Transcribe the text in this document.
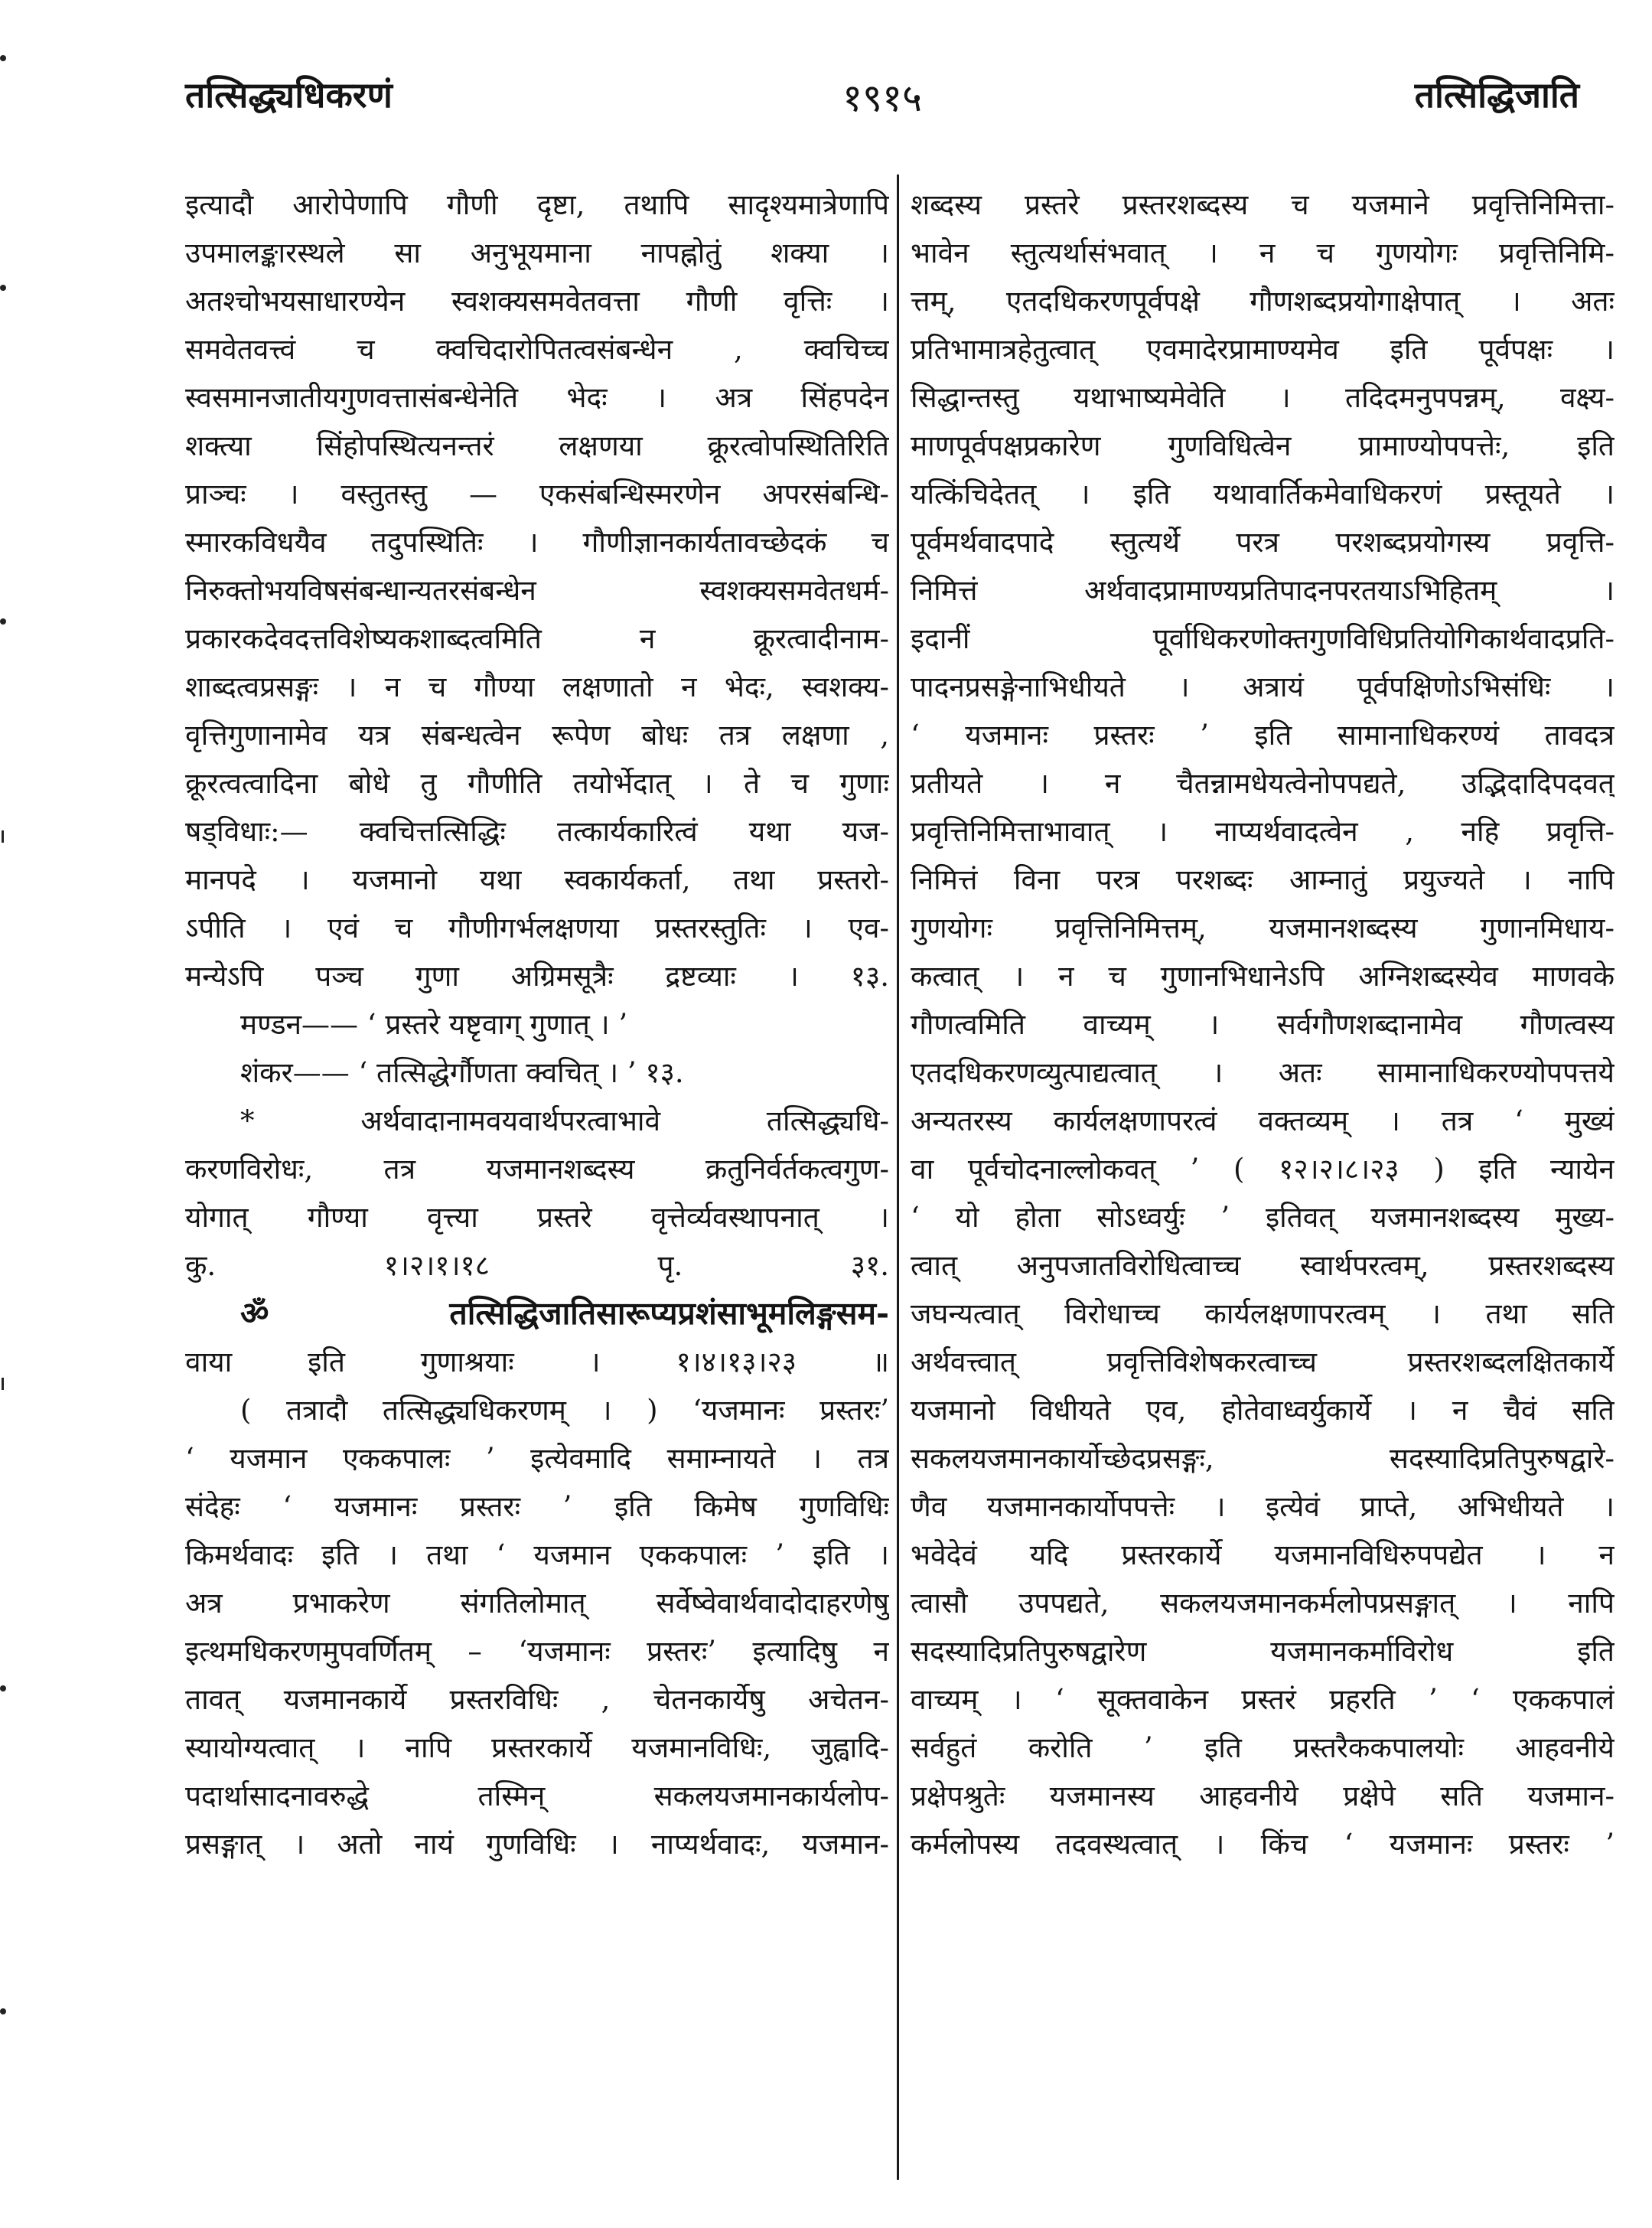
तत्सिद्ध्यधिकरणं	१९१५	तत्सिद्धिजाति
इत्यादौ आरोपेणापि गौणी दृष्टा, तथापि सादृश्यमात्रेणापि
उपमालङ्कारस्थले सा अनुभूयमाना नापह्नोतुं शक्या ।
अतश्चोभयसाधारण्येन स्वशक्यसमवेतवत्ता गौणी वृत्तिः ।
समवेतवत्त्वं च क्वचिदारोपितत्वसंबन्धेन , क्वचिच्च
स्वसमानजातीयगुणवत्तासंबन्धेनेति भेदः । अत्र सिंहपदेन
शक्त्या सिंहोपस्थित्यनन्तरं लक्षणया क्रूरत्वोपस्थितिरिति
प्राञ्चः । वस्तुतस्तु — एकसंबन्धिस्मरणेन अपरसंबन्धि-
स्मारकविधयैव तदुपस्थितिः । गौणीज्ञानकार्यतावच्छेदकं च
निरुक्तोभयविषसंबन्धान्यतरसंबन्धेन स्वशक्यसमवेतधर्म-
प्रकारकदेवदत्तविशेष्यकशाब्दत्वमिति न क्रूरत्वादीनाम-
शाब्दत्वप्रसङ्गः । न च गौण्या लक्षणातो न भेदः, स्वशक्य-
वृत्तिगुणानामेव यत्र संबन्धत्वेन रूपेण बोधः तत्र लक्षणा ,
क्रूरत्वत्वादिना बोधे तु गौणीति तयोर्भेदात् । ते च गुणाः
षड्विधाः:— क्वचित्तत्सिद्धिः तत्कार्यकारित्वं यथा यज-
मानपदे । यजमानो यथा स्वकार्यकर्ता, तथा प्रस्तरो-
ऽपीति । एवं च गौणीगर्भलक्षणया प्रस्तरस्तुतिः । एव-
मन्येऽपि पञ्च गुणा अग्रिमसूत्रैः द्रष्टव्याः । १३.
मण्डन—— ‘ प्रस्तरे यष्टृवाग् गुणात् । ’
शंकर—— ‘ तत्सिद्धेर्गौणता क्वचित् । ’ १३.
* अर्थवादानामवयवार्थपरत्वाभावे तत्सिद्ध्यधि-
करणविरोधः, तत्र यजमानशब्दस्य क्रतुनिर्वर्तकत्वगुण-
योगात् गौण्या वृत्त्या प्रस्तरे वृत्तेर्व्यवस्थापनात् ।
कु. १।२।१।१८ पृ. ३१.
ॐ तत्सिद्धिजातिसारूप्यप्रशंसाभूमलिङ्गसम-
वाया इति गुणाश्रयाः । १।४।१३।२३ ॥
( तत्रादौ तत्सिद्ध्यधिकरणम् । ) ‘यजमानः प्रस्तरः’
‘ यजमान एककपालः ’ इत्येवमादि समाम्नायते । तत्र
संदेहः ‘ यजमानः प्रस्तरः ’ इति किमेष गुणविधिः
किमर्थवादः इति । तथा ‘ यजमान एककपालः ’ इति ।
अत्र प्रभाकरेण संगतिलोमात् सर्वेष्वेवार्थवादोदाहरणेषु
इत्थमधिकरणमुपवर्णितम् – ‘यजमानः प्रस्तरः’ इत्यादिषु न
तावत् यजमानकार्ये प्रस्तरविधिः , चेतनकार्येषु अचेतन-
स्यायोग्यत्वात् । नापि प्रस्तरकार्ये यजमानविधिः, जुह्वादि-
पदार्थासादनावरुद्धे तस्मिन् सकलयजमानकार्यलोप-
प्रसङ्गात् । अतो नायं गुणविधिः । नाप्यर्थवादः, यजमान-
शब्दस्य प्रस्तरे प्रस्तरशब्दस्य च यजमाने प्रवृत्तिनिमित्ता-
भावेन स्तुत्यर्थासंभवात् । न च गुणयोगः प्रवृत्तिनिमि-
त्तम्, एतदधिकरणपूर्वपक्षे गौणशब्दप्रयोगाक्षेपात् । अतः
प्रतिभामात्रहेतुत्वात् एवमादेरप्रामाण्यमेव इति पूर्वपक्षः ।
सिद्धान्तस्तु यथाभाष्यमेवेति । तदिदमनुपपन्नम्, वक्ष्य-
माणपूर्वपक्षप्रकारेण गुणविधित्वेन प्रामाण्योपपत्तेः, इति
यत्किंचिदेतत् । इति यथावार्तिकमेवाधिकरणं प्रस्तूयते ।
पूर्वमर्थवादपादे स्तुत्यर्थे परत्र परशब्दप्रयोगस्य प्रवृत्ति-
निमित्तं अर्थवादप्रामाण्यप्रतिपादनपरतयाऽभिहितम् ।
इदानीं पूर्वाधिकरणोक्तगुणविधिप्रतियोगिकार्थवादप्रति-
पादनप्रसङ्गेनाभिधीयते । अत्रायं पूर्वपक्षिणोऽभिसंधिः ।
‘ यजमानः प्रस्तरः ’ इति सामानाधिकरण्यं तावदत्र
प्रतीयते । न चैतन्नामधेयत्वेनोपपद्यते, उद्भिदादिपदवत्
प्रवृत्तिनिमित्ताभावात् । नाप्यर्थवादत्वेन , नहि प्रवृत्ति-
निमित्तं विना परत्र परशब्दः आम्नातुं प्रयुज्यते । नापि
गुणयोगः प्रवृत्तिनिमित्तम्, यजमानशब्दस्य गुणानमिधाय-
कत्वात् । न च गुणानभिधानेऽपि अग्निशब्दस्येव माणवके
गौणत्वमिति वाच्यम् । सर्वगौणशब्दानामेव गौणत्वस्य
एतदधिकरणव्युत्पाद्यत्वात् । अतः सामानाधिकरण्योपपत्तये
अन्यतरस्य कार्यलक्षणापरत्वं वक्तव्यम् । तत्र ‘ मुख्यं
वा पूर्वचोदनाल्लोकवत् ’ ( १२।२।८।२३ ) इति न्यायेन
‘ यो होता सोऽध्वर्युः ’ इतिवत् यजमानशब्दस्य मुख्य-
त्वात् अनुपजातविरोधित्वाच्च स्वार्थपरत्वम्, प्रस्तरशब्दस्य
जघन्यत्वात् विरोधाच्च कार्यलक्षणापरत्वम् । तथा सति
अर्थवत्त्वात् प्रवृत्तिविशेषकरत्वाच्च प्रस्तरशब्दलक्षितकार्ये
यजमानो विधीयते एव, होतेवाध्वर्युकार्ये । न चैवं सति
सकलयजमानकार्योच्छेदप्रसङ्गः, सदस्यादिप्रतिपुरुषद्वारे-
णैव यजमानकार्योपपत्तेः । इत्येवं प्राप्ते, अभिधीयते ।
भवेदेवं यदि प्रस्तरकार्ये यजमानविधिरुपपद्येत । न
त्वासौ उपपद्यते, सकलयजमानकर्मलोपप्रसङ्गात् । नापि
सदस्यादिप्रतिपुरुषद्वारेण यजमानकर्माविरोध इति
वाच्यम् । ‘ सूक्तवाकेन प्रस्तरं प्रहरति ’ ‘ एककपालं
सर्वहुतं करोति ’ इति प्रस्तरैककपालयोः आहवनीये
प्रक्षेपश्रुतेः यजमानस्य आहवनीये प्रक्षेपे सति यजमान-
कर्मलोपस्य तदवस्थत्वात् । किंच ‘ यजमानः प्रस्तरः ’
